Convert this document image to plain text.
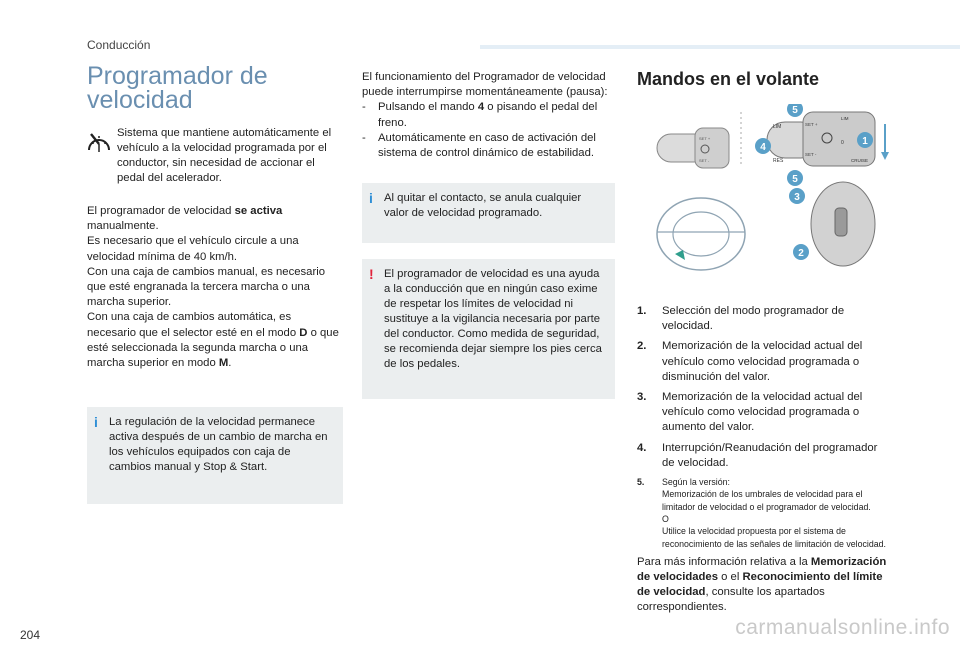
Conducción
Programador de velocidad
Sistema que mantiene automáticamente el vehículo a la velocidad programada por el conductor, sin necesidad de accionar el pedal del acelerador.

El programador de velocidad se activa manualmente.
Es necesario que el vehículo circule a una velocidad mínima de 40 km/h.
Con una caja de cambios manual, es necesario que esté engranada la tercera marcha o una marcha superior.
Con una caja de cambios automática, es necesario que el selector esté en el modo D o que esté seleccionada la segunda marcha o una marcha superior en modo M.

i La regulación de la velocidad permanece activa después de un cambio de marcha en los vehículos equipados con caja de cambios manual y Stop & Start.

El funcionamiento del Programador de velocidad puede interrumpirse momentáneamente (pausa):

- Pulsando el mando 4 o pisando el pedal del freno.
- Automáticamente en caso de activación del sistema de control dinámico de estabilidad.
i Al quitar el contacto, se anula cualquier valor de velocidad programado.
! El programador de velocidad es una ayuda a la conducción que en ningún caso exime de respetar los límites de velocidad ni sustituye a la vigilancia necesaria por parte del conductor. Como medida de seguridad, se recomienda dejar siempre los pies cerca de los pedales.
Mandos en el volante
SET +
SET -
LIM
RES
SET +
SET -
0
CRUISE
LIM
5
1
4
5
3
2
1.	Selección del modo programador de velocidad.
2.	Memorización de la velocidad actual del vehículo como velocidad programada o disminución del valor.
3.	Memorización de la velocidad actual del vehículo como velocidad programada o aumento del valor.
4.	Interrupción/Reanudación del programador de velocidad.
5.	Según la versión:
Memorización de los umbrales de velocidad para el limitador de velocidad o el programador de velocidad.
O
Utilice la velocidad propuesta por el sistema de reconocimiento de las señales de limitación de velocidad.

Para más información relativa a la Memorización de velocidades o el Reconocimiento del límite de velocidad, consulte los apartados correspondientes.

204	carmanualsonline.info
